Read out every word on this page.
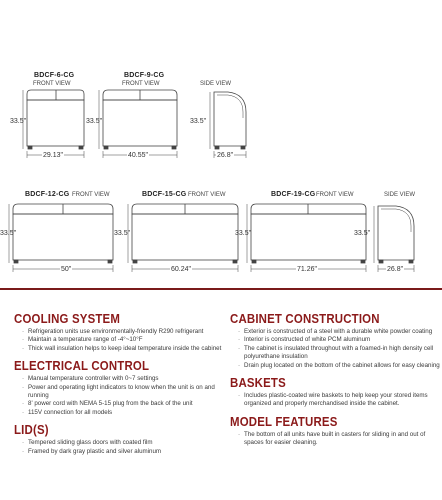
BDCF-6-CG
FRONT VIEW
33.5"
29.13"
BDCF-9-CG
FRONT VIEW
33.5"
40.55"
SIDE VIEW
33.5"
26.8"
BDCF-12-CG FRONT VIEW
33.5"
50"
BDCF-15-CG FRONT VIEW
33.5"
60.24"
BDCF-19-CG FRONT VIEW
33.5"
71.26"
SIDE VIEW
33.5"
26.8"
COOLING SYSTEM
· Refrigeration units use environmentally-friendly R290 refrigerant
· Maintain a temperature range of -4°~10°F
· Thick wall insulation helps to keep ideal temperature inside the cabinet
ELECTRICAL CONTROL
· Manual temperature controller with 0~7 settings
· Power and operating light indicators to know when the unit is on and running
· 8' power cord with NEMA 5-15 plug from the back of the unit
· 115V connection for all models
LID(S)
· Tempered sliding glass doors with coated film
· Framed by dark gray plastic and silver aluminum
CABINET CONSTRUCTION
· Exterior is constructed of a steel with a durable white powder coating
· Interior is constructed of white PCM aluminum
· The cabinet is insulated throughout with a foamed-in high density cell polyurethane insulation
· Drain plug located on the bottom of the cabinet allows for easy cleaning
BASKETS
· Includes plastic-coated wire baskets to help keep your stored items organized and properly merchandised inside the cabinet.
MODEL FEATURES
· The bottom of all units have built in casters for sliding in and out of spaces for easier cleaning.
